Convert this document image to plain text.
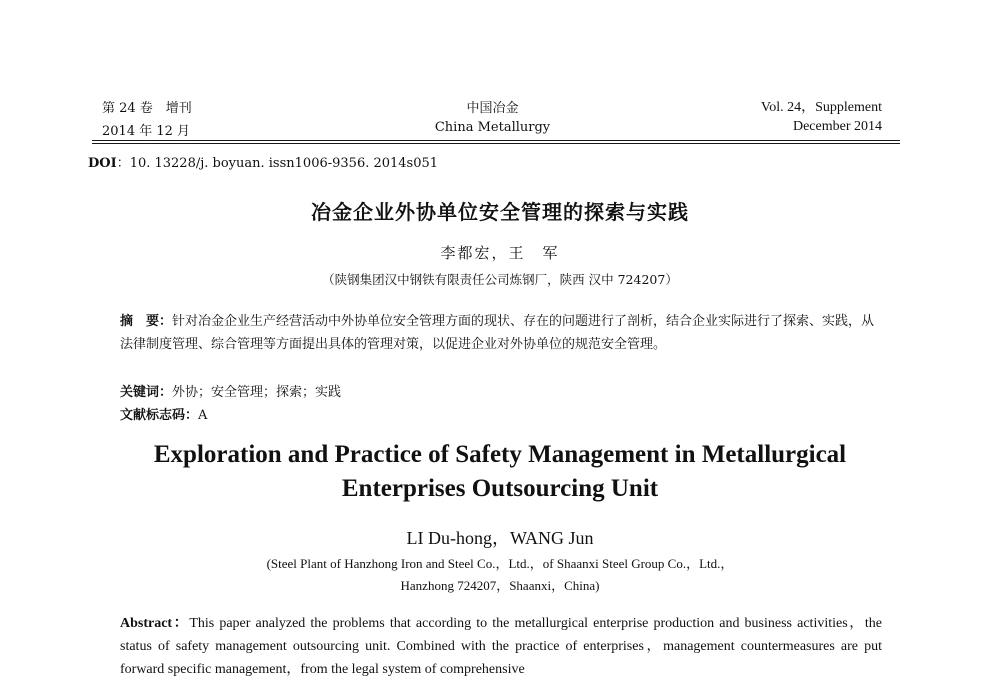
第 24 卷　增刊
2014 年 12 月
中国冶金
China Metallurgy
Vol. 24，Supplement
December 2014
DOI：10. 13228/j. boyuan. issn1006-9356. 2014s051
冶金企业外协单位安全管理的探索与实践
李都宏，王　军
（陕钢集团汉中钢铁有限责任公司炼钢厂，陕西 汉中 724207）
摘　要：针对冶金企业生产经营活动中外协单位安全管理方面的现状、存在的问题进行了剖析，结合企业实际进行了探索、实践，从法律制度管理、综合管理等方面提出具体的管理对策，以促进企业对外协单位的规范安全管理。
关键词：外协；安全管理；探索；实践
文献标志码：A
Exploration and Practice of Safety Management in Metallurgical
Enterprises Outsourcing Unit
LI Du-hong，WANG Jun
(Steel Plant of Hanzhong Iron and Steel Co.，Ltd.，of Shaanxi Steel Group Co.，Ltd.，
Hanzhong 724207，Shaanxi，China)
Abstract：This paper analyzed the problems that according to the metallurgical enterprise production and business activities，the status of safety management outsourcing unit. Combined with the practice of enterprises，management countermeasures are put forward specific management，from the legal system of comprehensive
